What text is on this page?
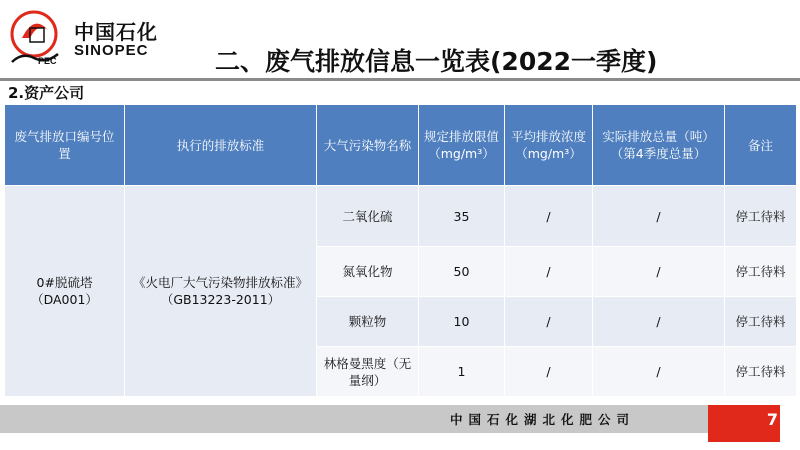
PEC
中国石化
SINOPEC	二、废气排放信息一览表(2022一季度)
2.资产公司
废气排放口编号位置	执行的排放标准	大气污染物名称	规定排放限值（mg/m³）	平均排放浓度（mg/m³）	实际排放总量（吨）（第4季度总量）	备注
0#脱硫塔（DA001）	《火电厂大气污染物排放标准》（GB13223-2011）	二氧化硫	35	/	/	停工待料
		氮氧化物	50	/	/	停工待料
		颗粒物	10	/	/	停工待料
		林格曼黑度（无量纲）	1	/	/	停工待料
中国石化湖北化肥公司	7
